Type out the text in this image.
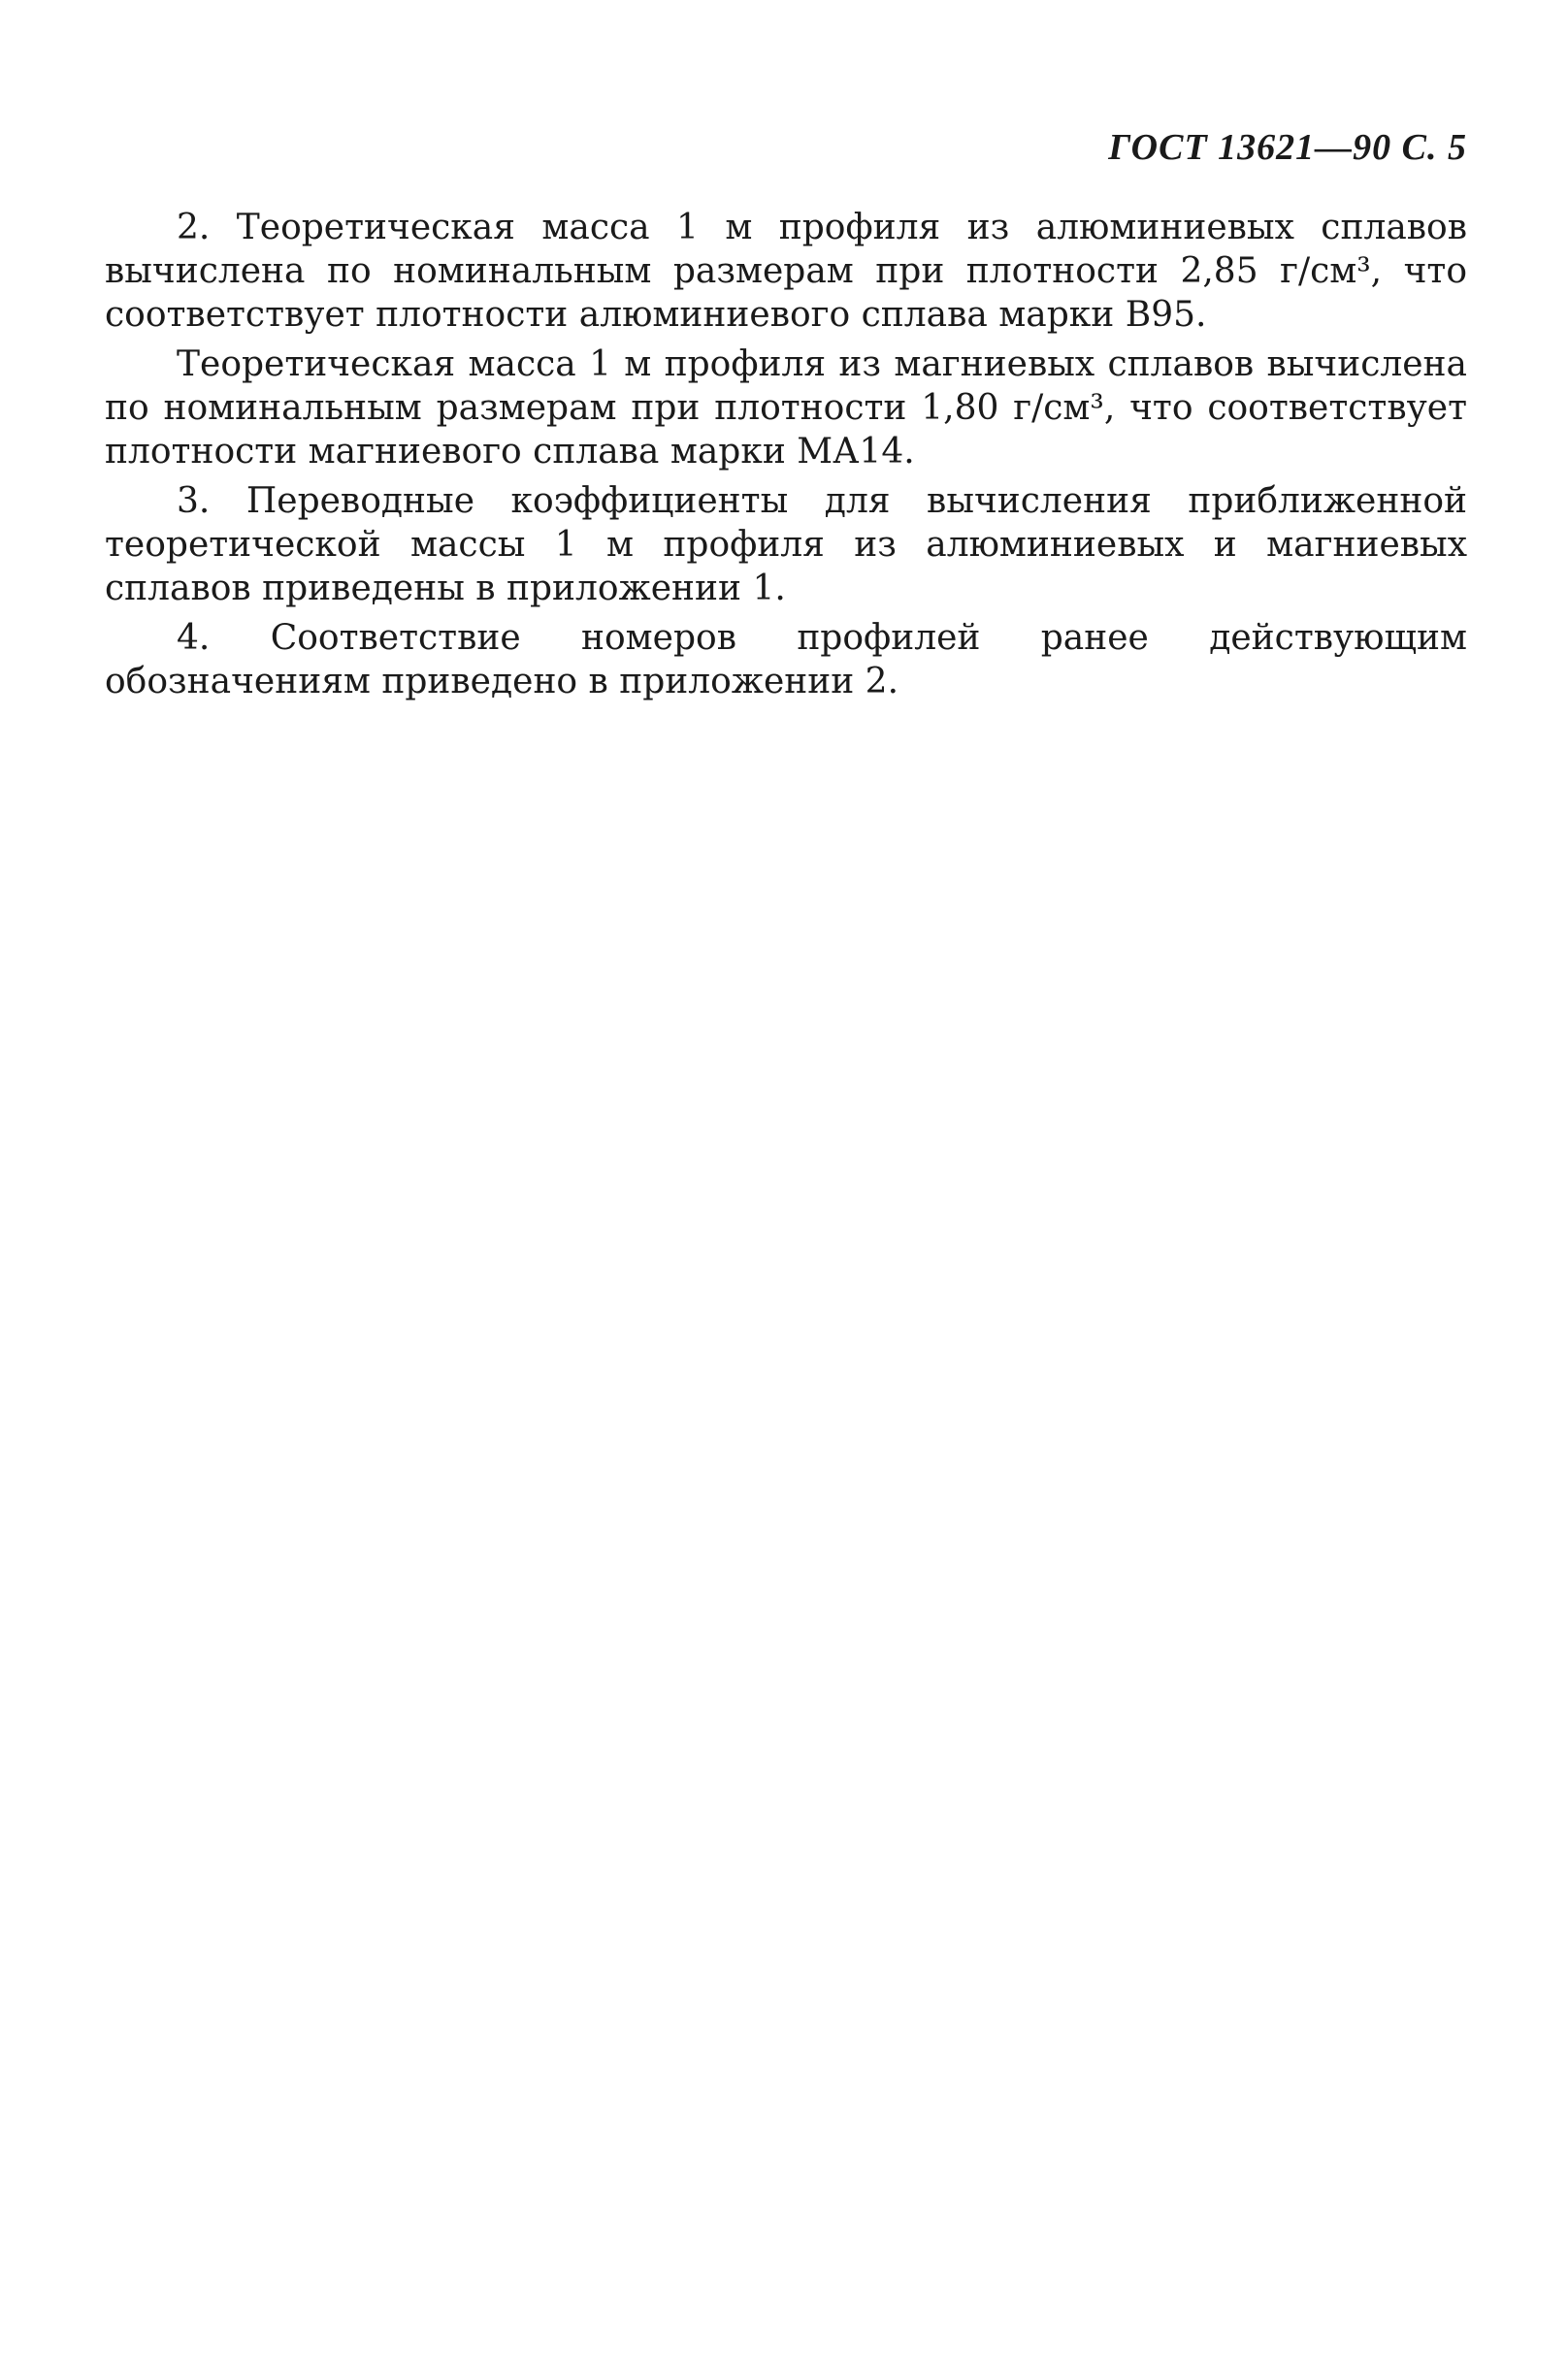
ГОСТ 13621—90 С. 5

2. Теоретическая масса 1 м профиля из алюминиевых сплавов вычислена по номинальным размерам при плотности 2,85 г/см³, что соответствует плотности алюминиевого сплава марки В95.

Теоретическая масса 1 м профиля из магниевых сплавов вычислена по номинальным размерам при плотности 1,80 г/см³, что соответствует плотности магниевого сплава марки МА14.

3. Переводные коэффициенты для вычисления приближенной теоретической массы 1 м профиля из алюминиевых и магниевых сплавов приведены в приложении 1.

4. Соответствие номеров профилей ранее действующим обозначениям приведено в приложении 2.
